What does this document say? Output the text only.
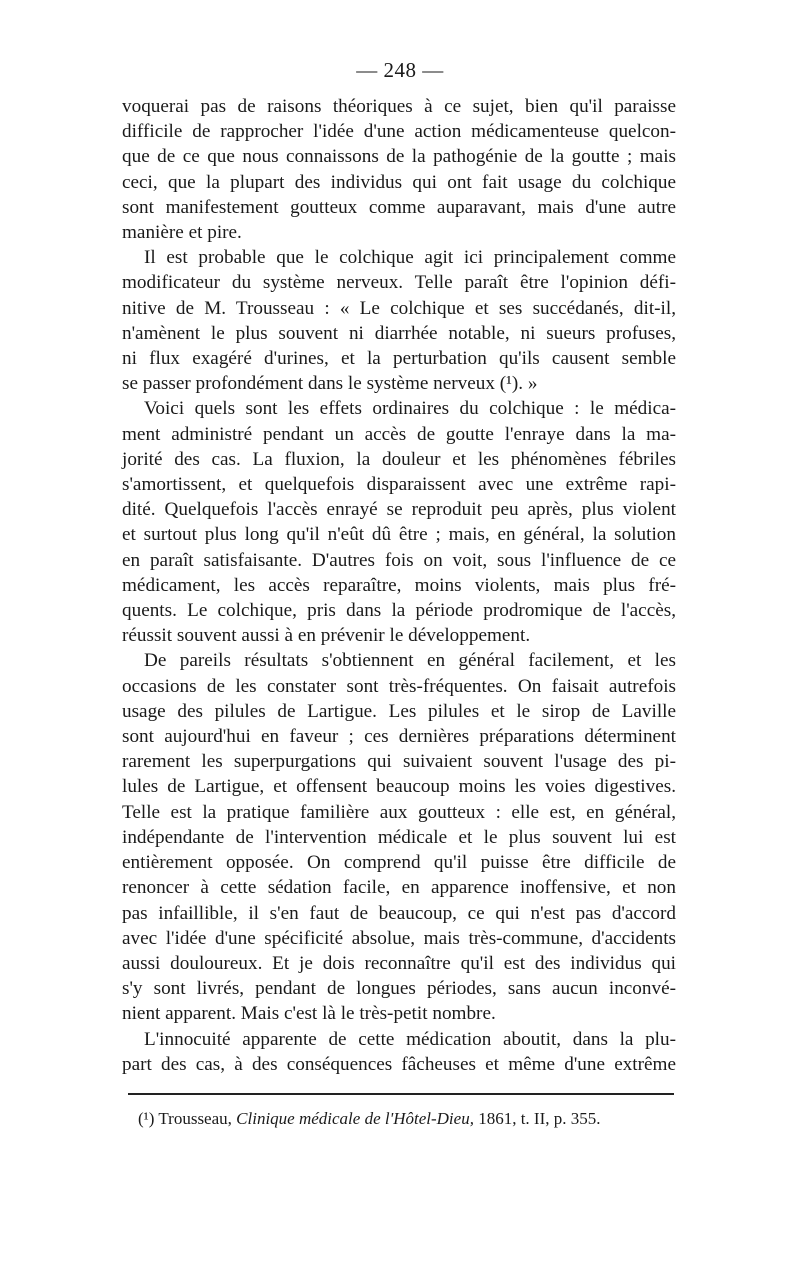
— 248 —
voquerai pas de raisons théoriques à ce sujet, bien qu'il paraisse
difficile de rapprocher l'idée d'une action médicamenteuse quelcon-
que de ce que nous connaissons de la pathogénie de la goutte ; mais
ceci, que la plupart des individus qui ont fait usage du colchique
sont manifestement goutteux comme auparavant, mais d'une autre
manière et pire.
Il est probable que le colchique agit ici principalement comme
modificateur du système nerveux. Telle paraît être l'opinion défi-
nitive de M. Trousseau : « Le colchique et ses succédanés, dit-il,
n'amènent le plus souvent ni diarrhée notable, ni sueurs profuses,
ni flux exagéré d'urines, et la perturbation qu'ils causent semble
se passer profondément dans le système nerveux (¹). »
Voici quels sont les effets ordinaires du colchique : le médica-
ment administré pendant un accès de goutte l'enraye dans la ma-
jorité des cas. La fluxion, la douleur et les phénomènes fébriles
s'amortissent, et quelquefois disparaissent avec une extrême rapi-
dité. Quelquefois l'accès enrayé se reproduit peu après, plus violent
et surtout plus long qu'il n'eût dû être ; mais, en général, la solution
en paraît satisfaisante. D'autres fois on voit, sous l'influence de ce
médicament, les accès reparaître, moins violents, mais plus fré-
quents. Le colchique, pris dans la période prodromique de l'accès,
réussit souvent aussi à en prévenir le développement.
De pareils résultats s'obtiennent en général facilement, et les
occasions de les constater sont très-fréquentes. On faisait autrefois
usage des pilules de Lartigue. Les pilules et le sirop de Laville
sont aujourd'hui en faveur ; ces dernières préparations déterminent
rarement les superpurgations qui suivaient souvent l'usage des pi-
lules de Lartigue, et offensent beaucoup moins les voies digestives.
Telle est la pratique familière aux goutteux : elle est, en général,
indépendante de l'intervention médicale et le plus souvent lui est
entièrement opposée. On comprend qu'il puisse être difficile de
renoncer à cette sédation facile, en apparence inoffensive, et non
pas infaillible, il s'en faut de beaucoup, ce qui n'est pas d'accord
avec l'idée d'une spécificité absolue, mais très-commune, d'accidents
aussi douloureux. Et je dois reconnaître qu'il est des individus qui
s'y sont livrés, pendant de longues périodes, sans aucun inconvé-
nient apparent. Mais c'est là le très-petit nombre.
L'innocuité apparente de cette médication aboutit, dans la plu-
part des cas, à des conséquences fâcheuses et même d'une extrême
(¹) Trousseau, Clinique médicale de l'Hôtel-Dieu, 1861, t. II, p. 355.
